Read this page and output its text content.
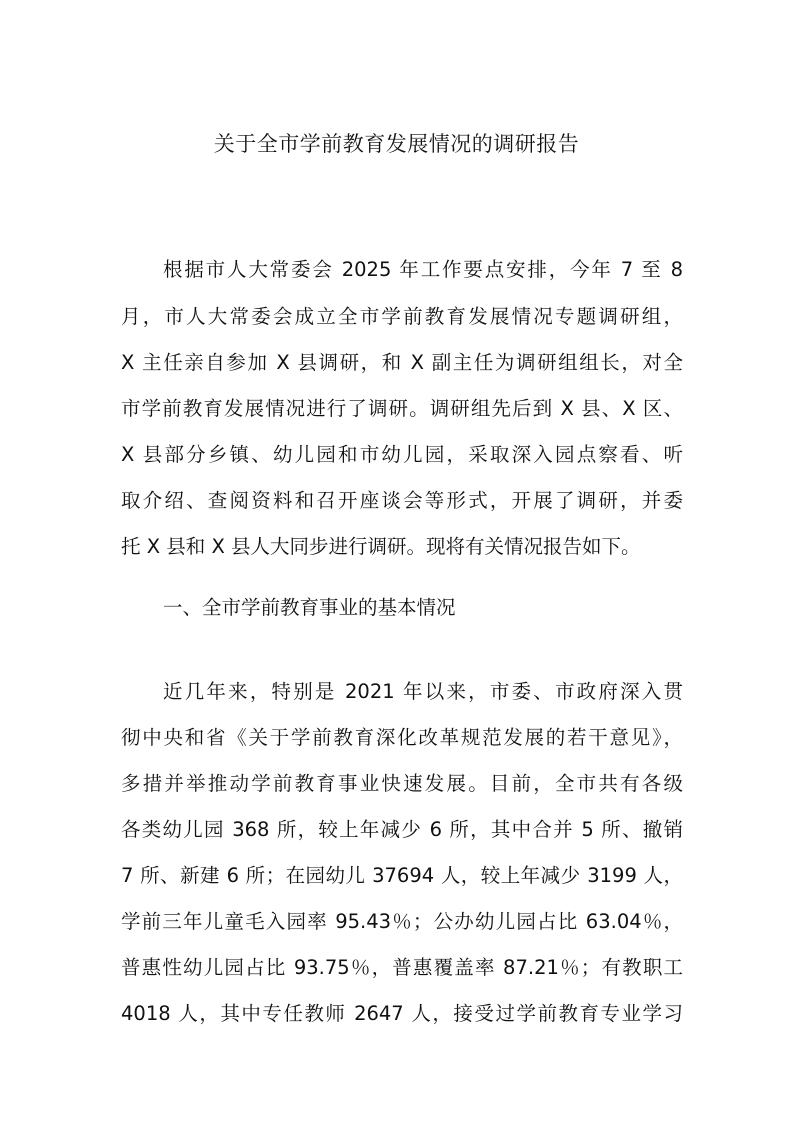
关于全市学前教育发展情况的调研报告
根据市人大常委会 2025 年工作要点安排，今年 7 至 8
月，市人大常委会成立全市学前教育发展情况专题调研组，
X 主任亲自参加 X 县调研，和 X 副主任为调研组组长，对全
市学前教育发展情况进行了调研。调研组先后到 X 县、X 区、
X 县部分乡镇、幼儿园和市幼儿园，采取深入园点察看、听
取介绍、查阅资料和召开座谈会等形式，开展了调研，并委
托 X 县和 X 县人大同步进行调研。现将有关情况报告如下。
一、全市学前教育事业的基本情况
近几年来，特别是 2021 年以来，市委、市政府深入贯
彻中央和省《关于学前教育深化改革规范发展的若干意见》，
多措并举推动学前教育事业快速发展。目前，全市共有各级
各类幼儿园 368 所，较上年减少 6 所，其中合并 5 所、撤销
7 所、新建 6 所；在园幼儿 37694 人，较上年减少 3199 人，
学前三年儿童毛入园率 95.43％；公办幼儿园占比 63.04％，
普惠性幼儿园占比 93.75％，普惠覆盖率 87.21％；有教职工
4018 人，其中专任教师 2647 人，接受过学前教育专业学习
